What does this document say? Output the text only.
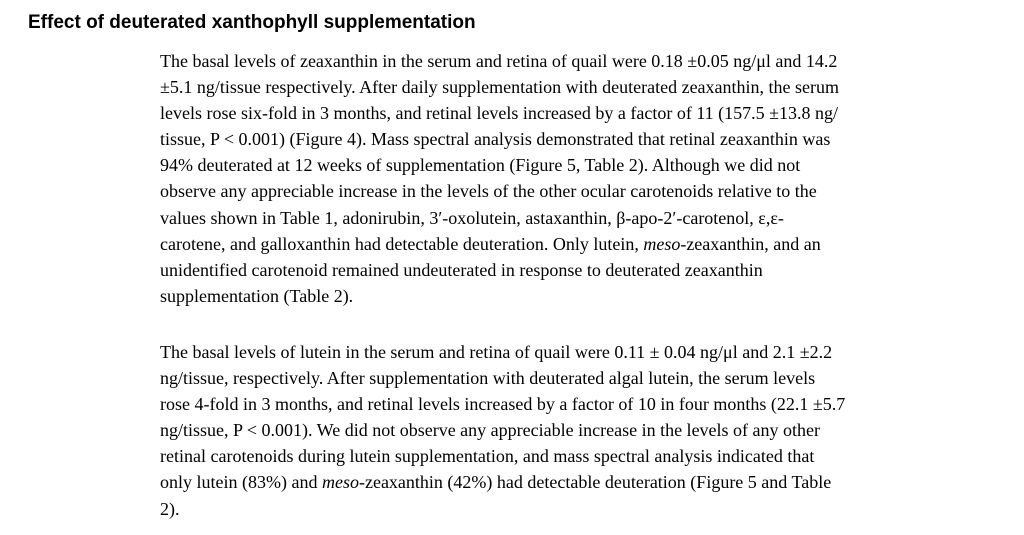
Effect of deuterated xanthophyll supplementation

The basal levels of zeaxanthin in the serum and retina of quail were 0.18 ±0.05 ng/μl and 14.2
±5.1 ng/tissue respectively. After daily supplementation with deuterated zeaxanthin, the serum
levels rose six-fold in 3 months, and retinal levels increased by a factor of 11 (157.5 ±13.8 ng/
tissue, P < 0.001) (Figure 4). Mass spectral analysis demonstrated that retinal zeaxanthin was
94% deuterated at 12 weeks of supplementation (Figure 5, Table 2). Although we did not
observe any appreciable increase in the levels of the other ocular carotenoids relative to the
values shown in Table 1, adonirubin, 3′-oxolutein, astaxanthin, β-apo-2′-carotenol, ε,ε-
carotene, and galloxanthin had detectable deuteration. Only lutein, meso-zeaxanthin, and an
unidentified carotenoid remained undeuterated in response to deuterated zeaxanthin
supplementation (Table 2).

The basal levels of lutein in the serum and retina of quail were 0.11 ± 0.04 ng/μl and 2.1 ±2.2
ng/tissue, respectively. After supplementation with deuterated algal lutein, the serum levels
rose 4-fold in 3 months, and retinal levels increased by a factor of 10 in four months (22.1 ±5.7
ng/tissue, P < 0.001). We did not observe any appreciable increase in the levels of any other
retinal carotenoids during lutein supplementation, and mass spectral analysis indicated that
only lutein (83%) and meso-zeaxanthin (42%) had detectable deuteration (Figure 5 and Table
2).
